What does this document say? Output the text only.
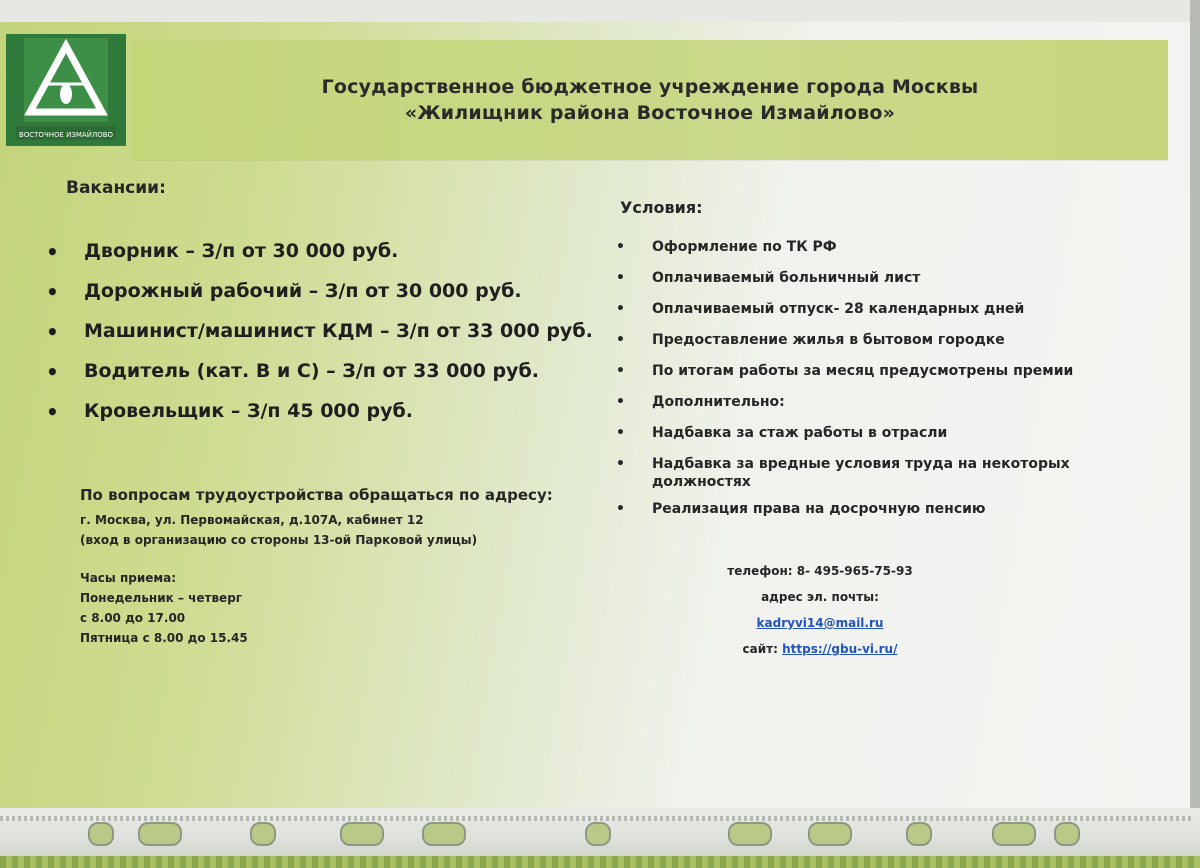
ВОСТОЧНОЕ ИЗМАЙЛОВО
Государственное бюджетное учреждение города Москвы
«Жилищник района Восточное Измайлово»
Вакансии:
•	Дворник – З/п от 30 000 руб.
•	Дорожный рабочий – З/п от 30 000 руб.
•	Машинист/машинист КДМ – З/п от 33 000 руб.
•	Водитель (кат. В и С) – З/п от 33 000 руб.
•	Кровельщик – З/п 45 000 руб.
По вопросам трудоустройства обращаться по адресу:
г. Москва, ул. Первомайская, д.107А, кабинет 12
(вход в организацию со стороны 13-ой Парковой улицы)
Часы приема:
Понедельник – четверг
с 8.00 до 17.00
Пятница с 8.00 до 15.45
Условия:
•	Оформление по ТК РФ
•	Оплачиваемый больничный лист
•	Оплачиваемый отпуск- 28 календарных дней
•	Предоставление жилья в бытовом городке
•	По итогам работы за месяц предусмотрены премии
•	Дополнительно:
•	Надбавка за стаж работы в отрасли
•	Надбавка за вредные условия труда на некоторых должностях
•	Реализация права на досрочную пенсию
телефон: 8- 495-965-75-93
адрес эл. почты:
kadryvi14@mail.ru
сайт: https://gbu-vi.ru/
